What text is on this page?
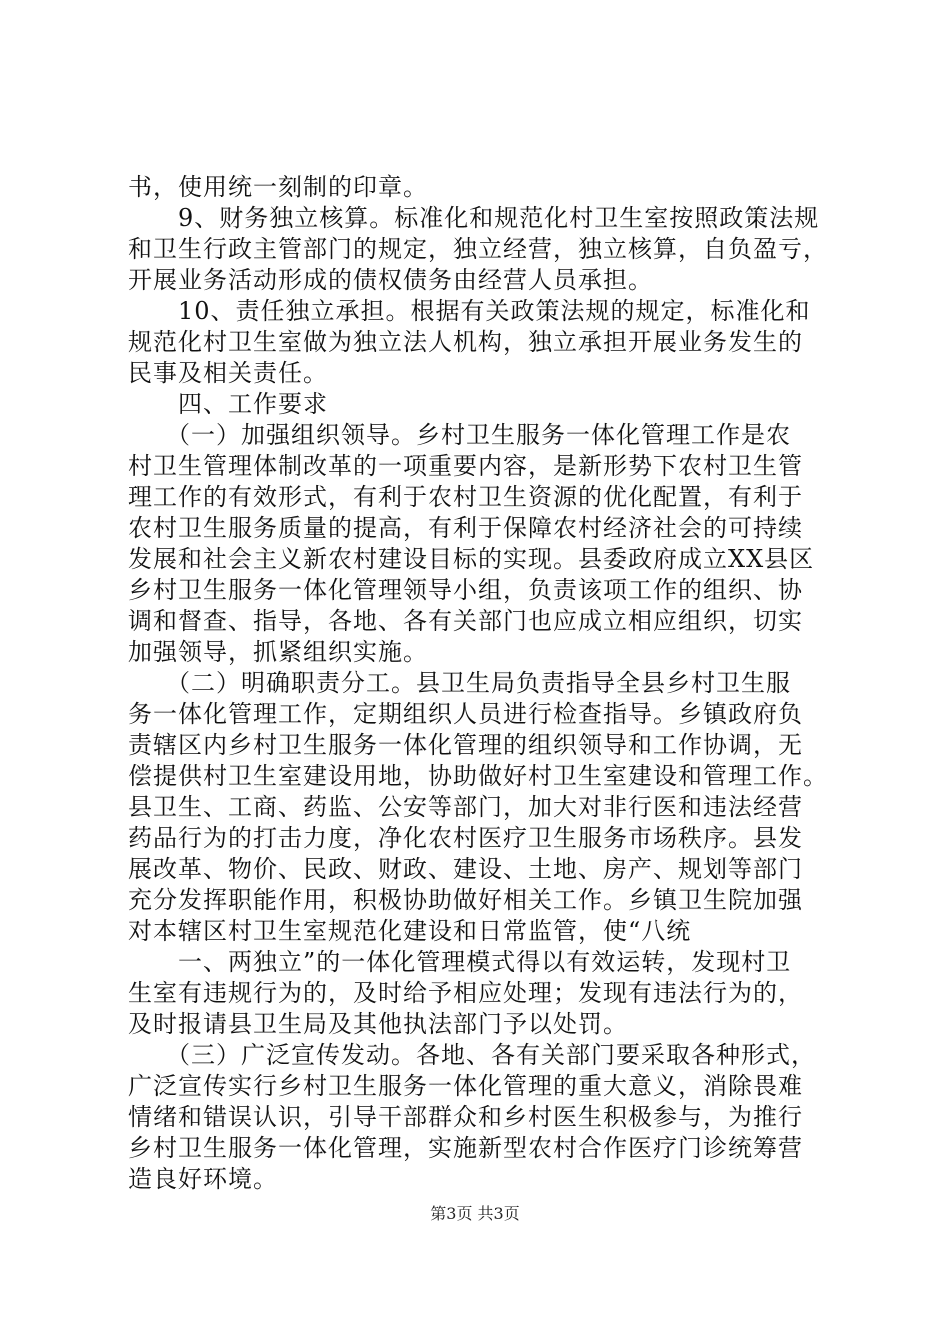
书，使用统一刻制的印章。

　　9、财务独立核算。标准化和规范化村卫生室按照政策法规

和卫生行政主管部门的规定，独立经营，独立核算，自负盈亏，

开展业务活动形成的债权债务由经营人员承担。

　　10、责任独立承担。根据有关政策法规的规定，标准化和

规范化村卫生室做为独立法人机构，独立承担开展业务发生的

民事及相关责任。

　　四、工作要求

　　（一）加强组织领导。乡村卫生服务一体化管理工作是农

村卫生管理体制改革的一项重要内容，是新形势下农村卫生管

理工作的有效形式，有利于农村卫生资源的优化配置，有利于

农村卫生服务质量的提高，有利于保障农村经济社会的可持续

发展和社会主义新农村建设目标的实现。县委政府成立XX县区

乡村卫生服务一体化管理领导小组，负责该项工作的组织、协

调和督查、指导，各地、各有关部门也应成立相应组织，切实

加强领导，抓紧组织实施。

　　（二）明确职责分工。县卫生局负责指导全县乡村卫生服

务一体化管理工作，定期组织人员进行检查指导。乡镇政府负

责辖区内乡村卫生服务一体化管理的组织领导和工作协调，无

偿提供村卫生室建设用地，协助做好村卫生室建设和管理工作。

县卫生、工商、药监、公安等部门，加大对非行医和违法经营

药品行为的打击力度，净化农村医疗卫生服务市场秩序。县发

展改革、物价、民政、财政、建设、土地、房产、规划等部门

充分发挥职能作用，积极协助做好相关工作。乡镇卫生院加强

对本辖区村卫生室规范化建设和日常监管，使“八统

　　一、两独立”的一体化管理模式得以有效运转，发现村卫

生室有违规行为的，及时给予相应处理；发现有违法行为的，

及时报请县卫生局及其他执法部门予以处罚。

　　（三）广泛宣传发动。各地、各有关部门要采取各种形式，

广泛宣传实行乡村卫生服务一体化管理的重大意义，消除畏难

情绪和错误认识，引导干部群众和乡村医生积极参与，为推行

乡村卫生服务一体化管理，实施新型农村合作医疗门诊统筹营

造良好环境。

第3页 共3页
